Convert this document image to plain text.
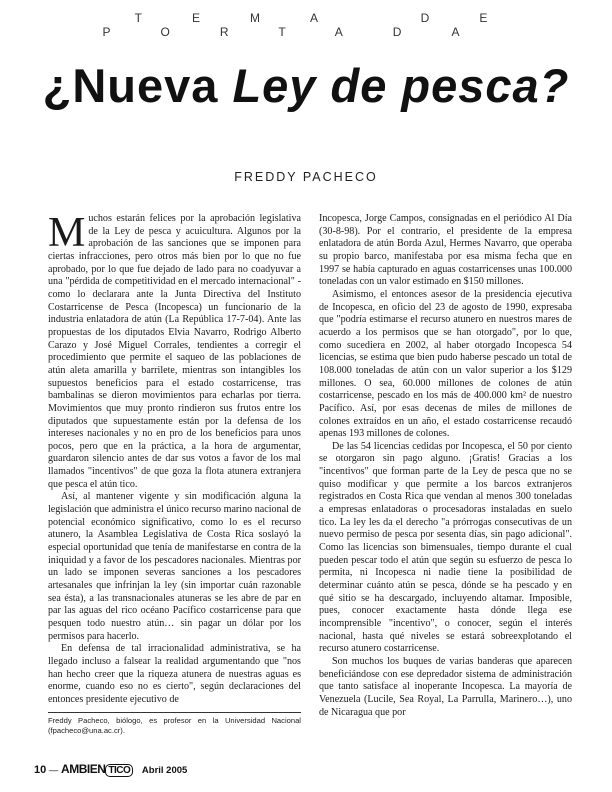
TEMA DE PORTADA
¿Nueva Ley de pesca?
FREDDY PACHECO

Muchos estarán felices por la aprobación legislativa de la Ley de pesca y acuicultura. Algunos por la aprobación de las sanciones que se imponen para ciertas infracciones, pero otros más bien por lo que no fue aprobado, por lo que fue dejado de lado para no coadyuvar a una "pérdida de competitividad en el mercado internacional" -como lo declarara ante la Junta Directiva del Instituto Costarricense de Pesca (Incopesca) un funcionario de la industria enlatadora de atún (La República 17-7-04). Ante las propuestas de los diputados Elvia Navarro, Rodrigo Alberto Carazo y José Miguel Corrales, tendientes a corregir el procedimiento que permite el saqueo de las poblaciones de atún aleta amarilla y barrilete, mientras son intangibles los supuestos beneficios para el estado costarricense, tras bambalinas se dieron movimientos para echarlas por tierra. Movimientos que muy pronto rindieron sus frutos entre los diputados que supuestamente están por la defensa de los intereses nacionales y no en pro de los beneficios para unos pocos, pero que en la práctica, a la hora de argumentar, guardaron silencio antes de dar sus votos a favor de los mal llamados "incentivos" de que goza la flota atunera extranjera que pesca el atún tico.

Así, al mantener vigente y sin modificación alguna la legislación que administra el único recurso marino nacional de potencial económico significativo, como lo es el recurso atunero, la Asamblea Legislativa de Costa Rica soslayó la especial oportunidad que tenía de manifestarse en contra de la iniquidad y a favor de los pescadores nacionales. Mientras por un lado se imponen severas sanciones a los pescadores artesanales que infrinjan la ley (sin importar cuán razonable sea ésta), a las transnacionales atuneras se les abre de par en par las aguas del rico océano Pacífico costarricense para que pesquen todo nuestro atún… sin pagar un dólar por los permisos para hacerlo.

En defensa de tal irracionalidad administrativa, se ha llegado incluso a falsear la realidad argumentando que "nos han hecho creer que la riqueza atunera de nuestras aguas es enorme, cuando eso no es cierto", según declaraciones del entonces presidente ejecutivo de

Incopesca, Jorge Campos, consignadas en el periódico Al Día (30-8-98). Por el contrario, el presidente de la empresa enlatadora de atún Borda Azul, Hermes Navarro, que operaba su propio barco, manifestaba por esa misma fecha que en 1997 se había capturado en aguas costarricenses unas 100.000 toneladas con un valor estimado en $150 millones.

Asimismo, el entonces asesor de la presidencia ejecutiva de Incopesca, en oficio del 23 de agosto de 1990, expresaba que "podría estimarse el recurso atunero en nuestros mares de acuerdo a los permisos que se han otorgado", por lo que, como sucediera en 2002, al haber otorgado Incopesca 54 licencias, se estima que bien pudo haberse pescado un total de 108.000 toneladas de atún con un valor superior a los $129 millones. O sea, 60.000 millones de colones de atún costarricense, pescado en los más de 400.000 km² de nuestro Pacífico. Así, por esas decenas de miles de millones de colones extraídos en un año, el estado costarricense recaudó apenas 193 millones de colones.

De las 54 licencias cedidas por Incopesca, el 50 por ciento se otorgaron sin pago alguno. ¡Gratis! Gracias a los "incentivos" que forman parte de la Ley de pesca que no se quiso modificar y que permite a los barcos extranjeros registrados en Costa Rica que vendan al menos 300 toneladas a empresas enlatadoras o procesadoras instaladas en suelo tico. La ley les da el derecho "a prórrogas consecutivas de un nuevo permiso de pesca por sesenta días, sin pago adicional". Como las licencias son bimensuales, tiempo durante el cual pueden pescar todo el atún que según su esfuerzo de pesca lo permita, ni Incopesca ni nadie tiene la posibilidad de determinar cuánto atún se pesca, dónde se ha pescado y en qué sitio se ha descargado, incluyendo altamar. Imposible, pues, conocer exactamente hasta dónde llega ese incomprensible "incentivo", o conocer, según el interés nacional, hasta qué niveles se estará sobreexplotando el recurso atunero costarricense.

Son muchos los buques de varias banderas que aparecen beneficiándose con ese depredador sistema de administración que tanto satisface al inoperante Incopesca. La mayoría de Venezuela (Lucile, Sea Royal, La Parrulla, Marinero…), uno de Nicaragua que por

Freddy Pacheco, biólogo, es profesor en la Universidad Nacional (fpacheco@una.ac.cr).
10 — AMBIEN TICO Abril 2005
